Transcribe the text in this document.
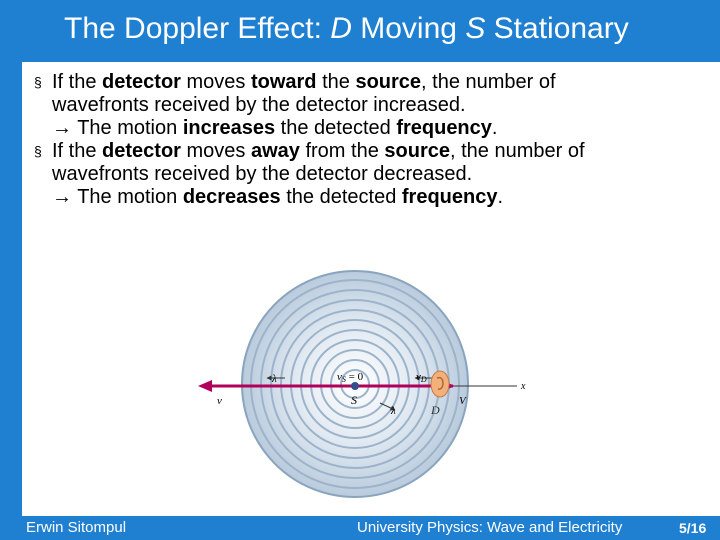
The Doppler Effect: D Moving S Stationary
§ If the detector moves toward the source, the number of
wavefronts received by the detector increased.
→ The motion increases the detected frequency.
§ If the detector moves away from the source, the number of
wavefronts received by the detector decreased.
→ The motion decreases the detected frequency.
vS = 0
S
λ
λ
vD
D
v	V
x
Erwin Sitompul	University Physics: Wave and Electricity	5/16
